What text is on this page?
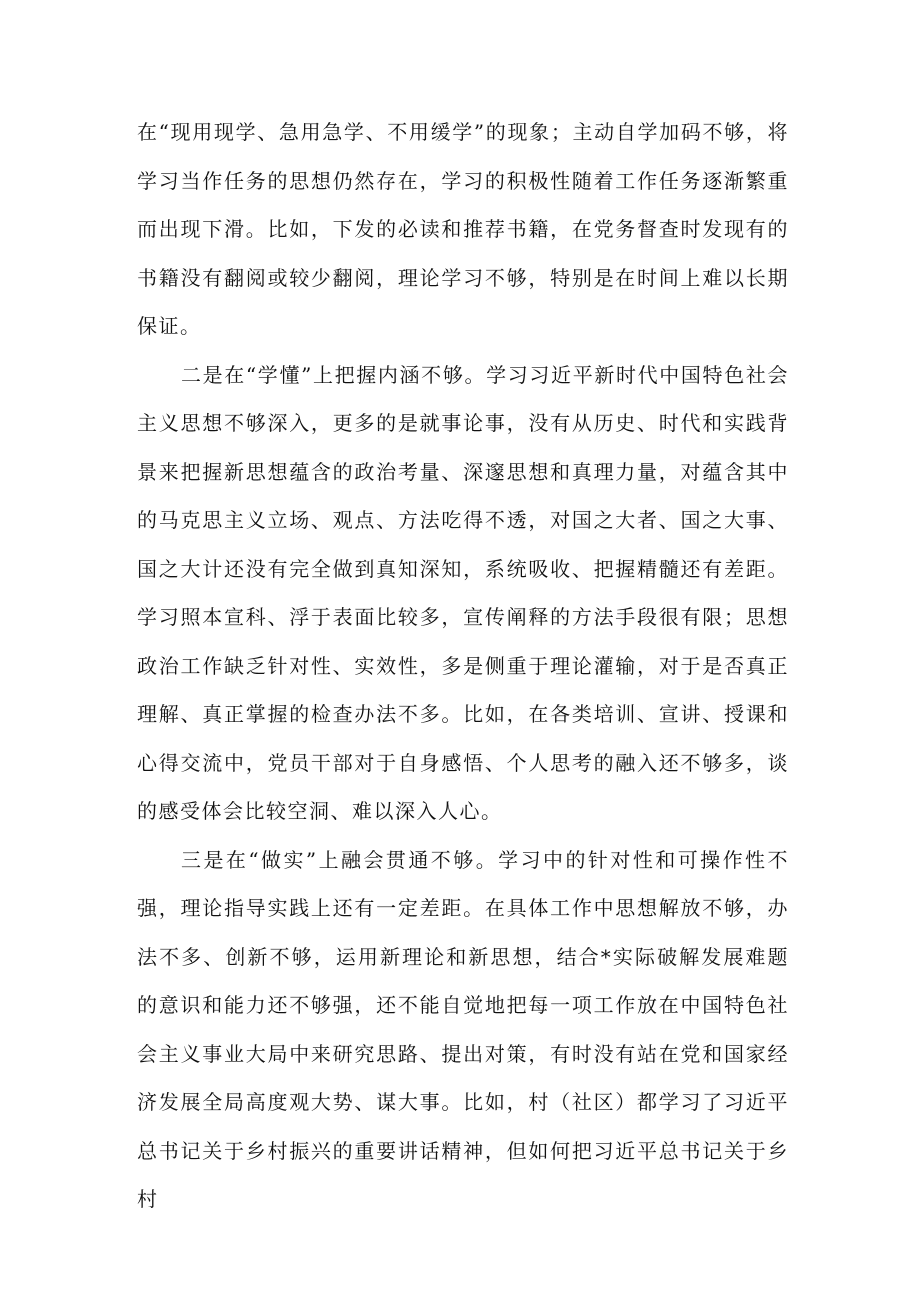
在“现用现学、急用急学、不用缓学”的现象；主动自学加码不够，将学习当作任务的思想仍然存在，学习的积极性随着工作任务逐渐繁重而出现下滑。比如，下发的必读和推荐书籍，在党务督查时发现有的书籍没有翻阅或较少翻阅，理论学习不够，特别是在时间上难以长期保证。

二是在“学懂”上把握内涵不够。学习习近平新时代中国特色社会主义思想不够深入，更多的是就事论事，没有从历史、时代和实践背景来把握新思想蕴含的政治考量、深邃思想和真理力量，对蕴含其中的马克思主义立场、观点、方法吃得不透，对国之大者、国之大事、国之大计还没有完全做到真知深知，系统吸收、把握精髓还有差距。学习照本宣科、浮于表面比较多，宣传阐释的方法手段很有限；思想政治工作缺乏针对性、实效性，多是侧重于理论灌输，对于是否真正理解、真正掌握的检查办法不多。比如，在各类培训、宣讲、授课和心得交流中，党员干部对于自身感悟、个人思考的融入还不够多，谈的感受体会比较空洞、难以深入人心。

三是在“做实”上融会贯通不够。学习中的针对性和可操作性不强，理论指导实践上还有一定差距。在具体工作中思想解放不够，办法不多、创新不够，运用新理论和新思想，结合*实际破解发展难题的意识和能力还不够强，还不能自觉地把每一项工作放在中国特色社会主义事业大局中来研究思路、提出对策，有时没有站在党和国家经济发展全局高度观大势、谋大事。比如，村（社区）都学习了习近平总书记关于乡村振兴的重要讲话精神，但如何把习近平总书记关于乡村
